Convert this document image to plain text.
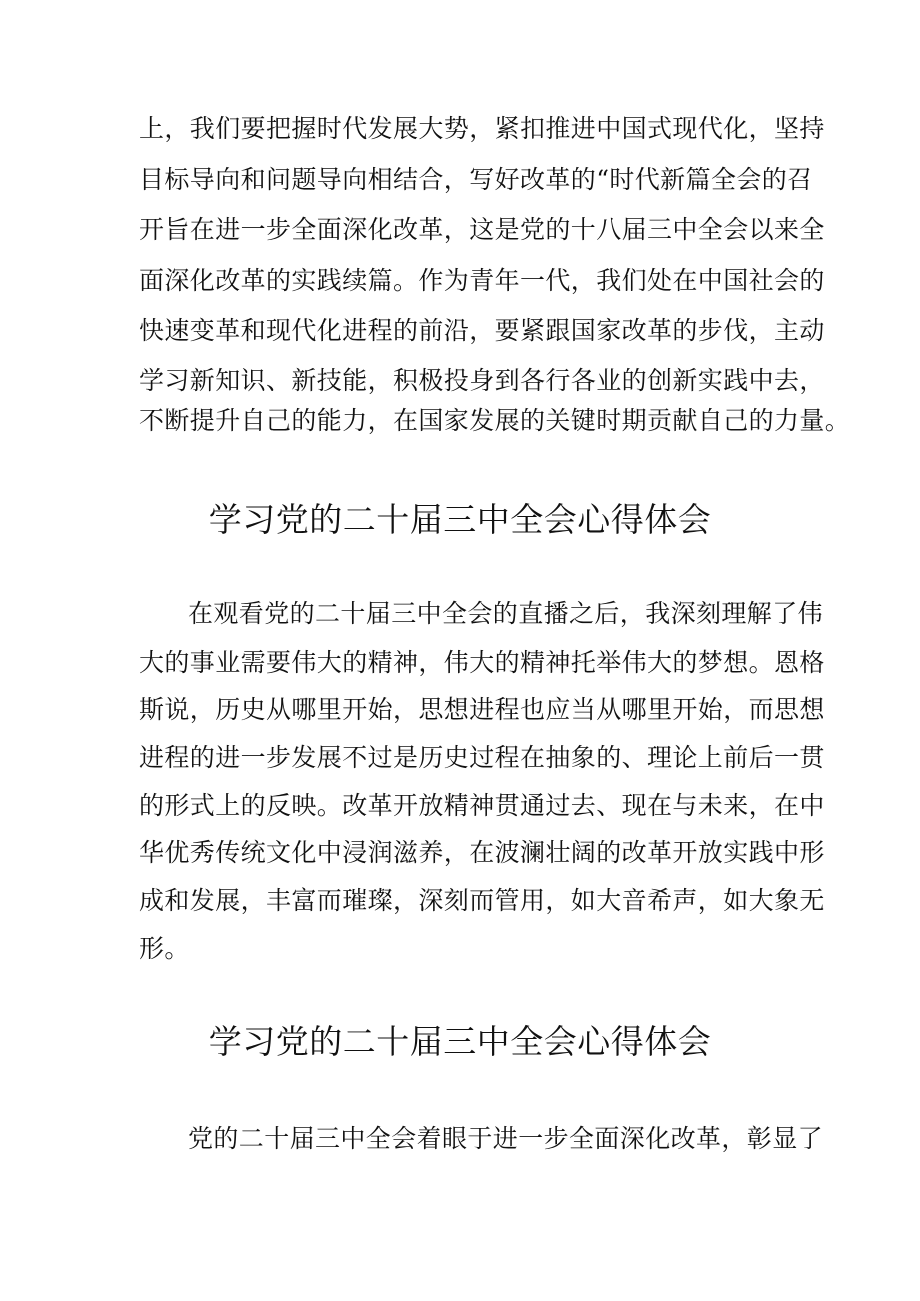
上，我们要把握时代发展大势，紧扣推进中国式现代化，坚持
目标导向和问题导向相结合，写好改革的“时代新篇全会的召
开旨在进一步全面深化改革，这是党的十八届三中全会以来全
面深化改革的实践续篇。作为青年一代，我们处在中国社会的
快速变革和现代化进程的前沿，要紧跟国家改革的步伐，主动
学习新知识、新技能，积极投身到各行各业的创新实践中去，
不断提升自己的能力，在国家发展的关键时期贡献自己的力量。
学习党的二十届三中全会心得体会
在观看党的二十届三中全会的直播之后，我深刻理解了伟
大的事业需要伟大的精神，伟大的精神托举伟大的梦想。恩格
斯说，历史从哪里开始，思想进程也应当从哪里开始，而思想
进程的进一步发展不过是历史过程在抽象的、理论上前后一贯
的形式上的反映。改革开放精神贯通过去、现在与未来，在中
华优秀传统文化中浸润滋养，在波澜壮阔的改革开放实践中形
成和发展，丰富而璀璨，深刻而管用，如大音希声，如大象无
形。
学习党的二十届三中全会心得体会
党的二十届三中全会着眼于进一步全面深化改革，彰显了
